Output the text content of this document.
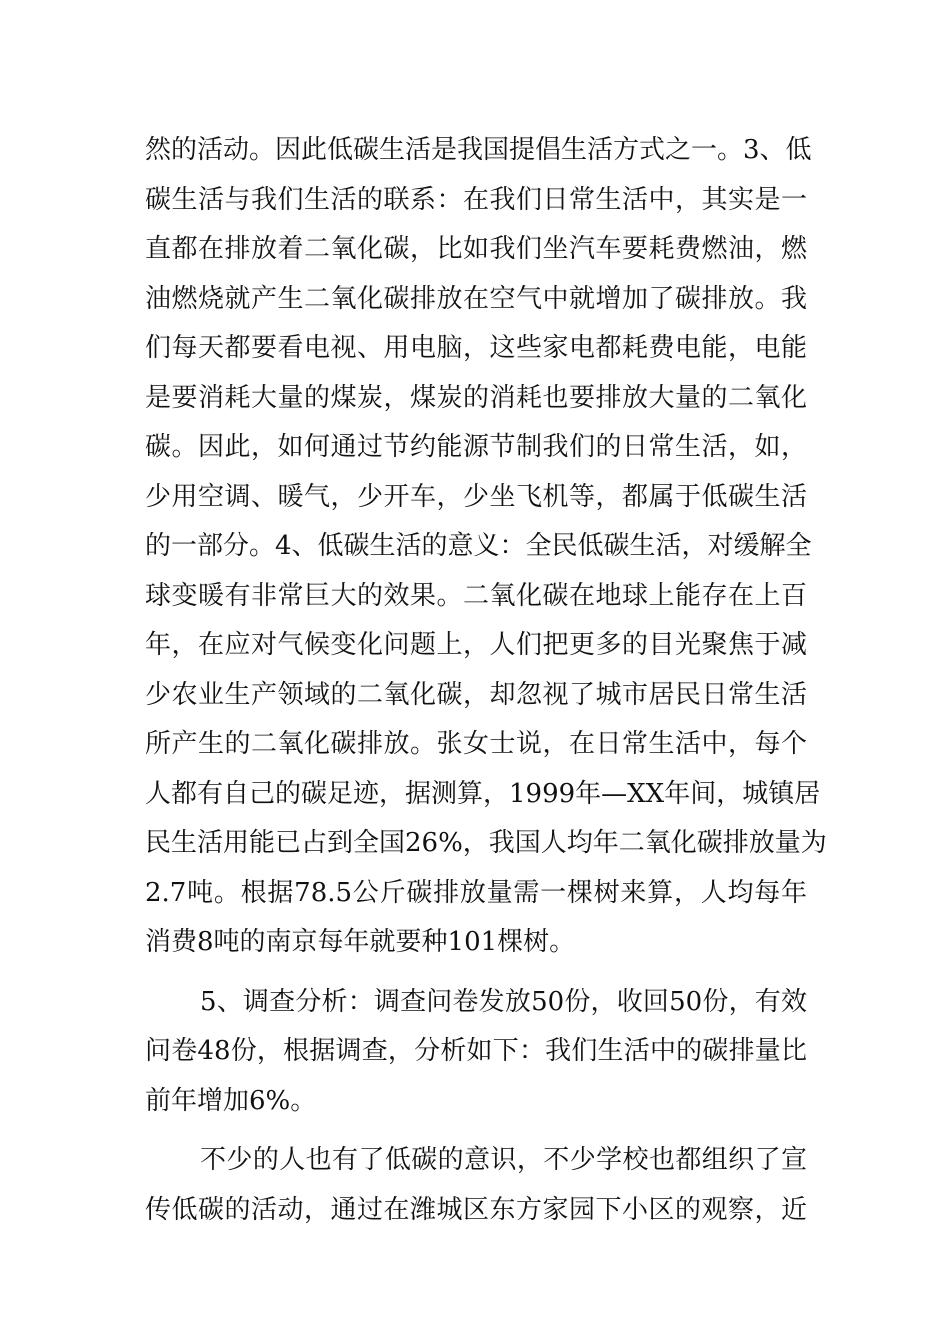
然的活动。因此低碳生活是我国提倡生活方式之一。3、低
碳生活与我们生活的联系：在我们日常生活中，其实是一
直都在排放着二氧化碳，比如我们坐汽车要耗费燃油，燃
油燃烧就产生二氧化碳排放在空气中就增加了碳排放。我
们每天都要看电视、用电脑，这些家电都耗费电能，电能
是要消耗大量的煤炭，煤炭的消耗也要排放大量的二氧化
碳。因此，如何通过节约能源节制我们的日常生活，如，
少用空调、暖气，少开车，少坐飞机等，都属于低碳生活
的一部分。4、低碳生活的意义：全民低碳生活，对缓解全
球变暖有非常巨大的效果。二氧化碳在地球上能存在上百
年，在应对气候变化问题上，人们把更多的目光聚焦于减
少农业生产领域的二氧化碳，却忽视了城市居民日常生活
所产生的二氧化碳排放。张女士说，在日常生活中，每个
人都有自己的碳足迹，据测算，1999年—XX年间，城镇居
民生活用能已占到全国26%，我国人均年二氧化碳排放量为
2.7吨。根据78.5公斤碳排放量需一棵树来算，人均每年
消费8吨的南京每年就要种101棵树。
5、调查分析：调查问卷发放50份，收回50份，有效
问卷48份，根据调查，分析如下：我们生活中的碳排量比
前年增加6%。
不少的人也有了低碳的意识，不少学校也都组织了宣
传低碳的活动，通过在潍城区东方家园下小区的观察，近
